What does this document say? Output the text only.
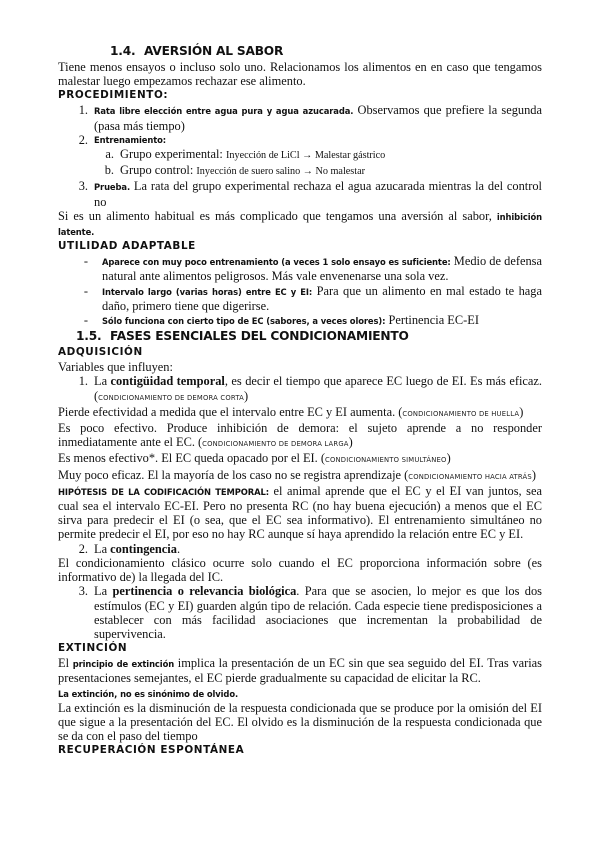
1.4. AVERSIÓN AL SABOR

Tiene menos ensayos o incluso solo uno. Relacionamos los alimentos en en caso que tengamos malestar luego empezamos rechazar ese alimento.

PROCEDIMIENTO:
1. Rata libre elección entre agua pura y agua azucarada. Observamos que prefiere la segunda (pasa más tiempo)
2. Entrenamiento:
a. Grupo experimental: Inyección de LiCl → Malestar gástrico
b. Grupo control: Inyección de suero salino → No malestar
3. Prueba. La rata del grupo experimental rechaza el agua azucarada mientras la del control no

Si es un alimento habitual es más complicado que tengamos una aversión al sabor, inhibición latente.

UTILIDAD ADAPTABLE
-	Aparece con muy poco entrenamiento (a veces 1 solo ensayo es suficiente: Medio de defensa natural ante alimentos peligrosos. Más vale envenenarse una sola vez.
-	Intervalo largo (varias horas) entre EC y EI: Para que un alimento en mal estado te haga daño, primero tiene que digerirse.
-	Sólo funciona con cierto tipo de EC (sabores, a veces olores): Pertinencia EC-EI
1.5. FASES ESENCIALES DEL CONDICIONAMIENTO
ADQUISICIÓN

Variables que influyen:

1. La contigüidad temporal, es decir el tiempo que aparece EC luego de EI. Es más eficaz. (CONDICIONAMIENTO DE DEMORA CORTA)

Pierde efectividad a medida que el intervalo entre EC y EI aumenta. (CONDICIONAMIENTO DE HUELLA)

Es poco efectivo. Produce inhibición de demora: el sujeto aprende a no responder inmediatamente ante el EC. (CONDICIONAMIENTO DE DEMORA LARGA)

Es menos efectivo*. El EC queda opacado por el EI. (CONDICIONAMIENTO SIMULTÁNEO)

Muy poco eficaz. El la mayoría de los caso no se registra aprendizaje (CONDICIONAMIENTO HACIA ATRÁS)

HIPÓTESIS DE LA CODIFICACIÓN TEMPORAL: el animal aprende que el EC y el EI van juntos, sea cual sea el intervalo EC-EI. Pero no presenta RC (no hay buena ejecución) a menos que el EC sirva para predecir el EI (o sea, que el EC sea informativo). El entrenamiento simultáneo no permite predecir el EI, por eso no hay RC aunque sí haya aprendido la relación entre EC y EI.

2. La contingencia.

El condicionamiento clásico ocurre solo cuando el EC proporciona información sobre (es informativo de) la llegada del IC.

3. La pertinencia o relevancia biológica. Para que se asocien, lo mejor es que los dos estímulos (EC y EI) guarden algún tipo de relación. Cada especie tiene predisposiciones a establecer con más facilidad asociaciones que incrementan la probabilidad de supervivencia.
EXTINCIÓN

El principio de extinción implica la presentación de un EC sin que sea seguido del EI. Tras varias presentaciones semejantes, el EC pierde gradualmente su capacidad de elicitar la RC.

La extinción, no es sinónimo de olvido.

La extinción es la disminución de la respuesta condicionada que se produce por la omisión del EI que sigue a la presentación del EC. El olvido es la disminución de la respuesta condicionada que se da con el paso del tiempo

RECUPERACIÓN ESPONTÁNEA
